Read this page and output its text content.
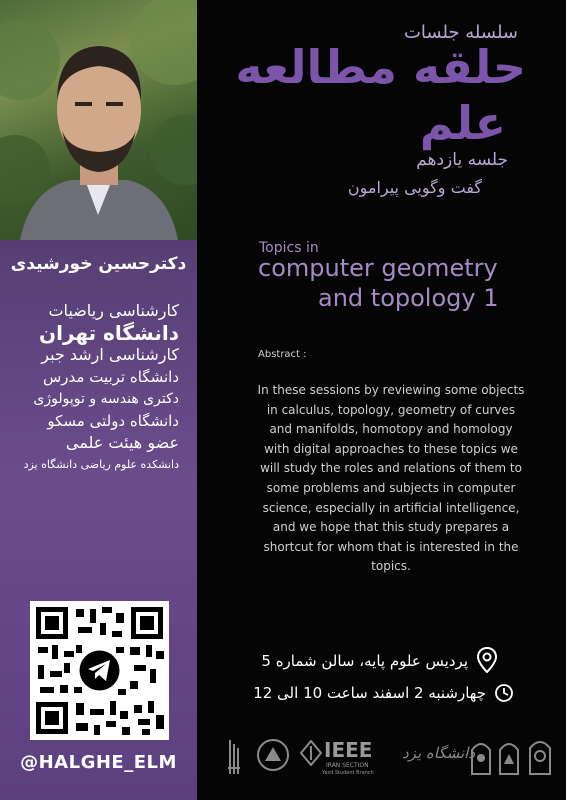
دکترحسین خورشیدی
کارشناسی ریاضیات
دانشگاه تهران
کارشناسی ارشد جبر
دانشگاه تربیت مدرس
دکتری هندسه و توپولوژی
دانشگاه دولتی مسکو
عضو هیئت علمی
دانشکده علوم ریاضی دانشگاه یزد
@HALGHE_ELM
سلسله جلسات
حلقه مطالعه
علم
جلسه یازدهم
گفت وگویی پیرامون
Topics in
computer geometry
and topology 1
Abstract :
In these sessions by reviewing some objects in calculus, topology, geometry of curves and manifolds, homotopy and homology with digital approaches to these topics we will study the roles and relations of them to some problems and subjects in computer science, especially in artificial intelligence, and we hope that this study prepares a shortcut for whom that is interested in the topics.
پردیس علوم پایه، سالن شماره 5
چهارشنبه 2 اسفند ساعت 10 الی 12
IEEE
IRAN SECTION
Yazd Student Branch
دانشگاه یزد
